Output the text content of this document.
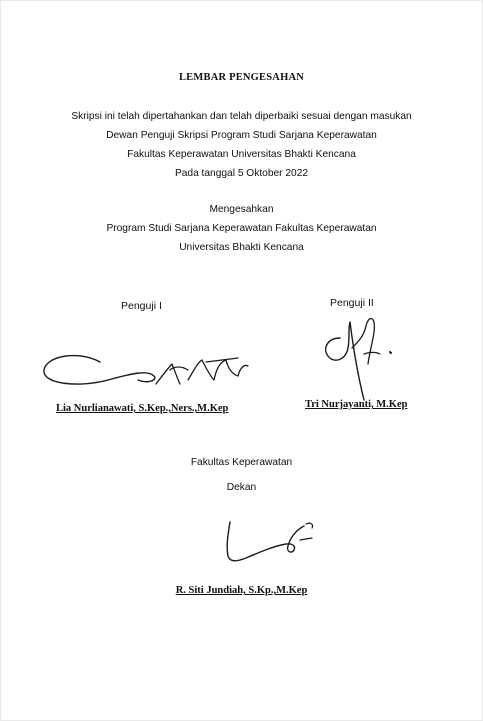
LEMBAR PENGESAHAN
Skripsi ini telah dipertahankan dan telah diperbaiki sesuai dengan masukan
Dewan Penguji Skripsi Program Studi Sarjana Keperawatan
Fakultas Keperawatan Universitas Bhakti Kencana
Pada tanggal 5 Oktober 2022
Mengesahkan
Program Studi Sarjana Keperawatan Fakultas Keperawatan
Universitas Bhakti Kencana
Penguji I
Lia Nurlianawati, S.Kep.,Ners.,M.Kep
Penguji II
Tri Nurjayanti, M.Kep
Fakultas Keperawatan
Dekan
R. Siti Jundiah, S.Kp.,M.Kep
